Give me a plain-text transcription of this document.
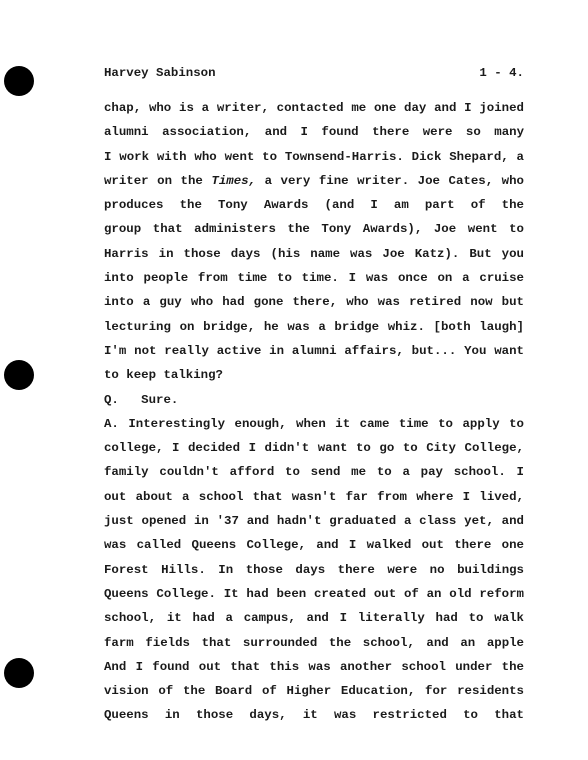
Harvey Sabinson	1 - 4.
chap, who is a writer, contacted me one day and I joined
alumni association, and I found there were so many
I work with who went to Townsend-Harris. Dick Shepard, a
writer on the Times, a very fine writer. Joe Cates, who
produces the Tony Awards (and I am part of the
group that administers the Tony Awards), Joe went to
Harris in those days (his name was Joe Katz). But you
into people from time to time. I was once on a cruise
into a guy who had gone there, who was retired now but
lecturing on bridge, he was a bridge whiz. [both laugh]
I'm not really active in alumni affairs, but... You want
to keep talking?
Q.   Sure.
A. Interestingly enough, when it came time to apply to
college, I decided I didn't want to go to City College,
family couldn't afford to send me to a pay school. I
out about a school that wasn't far from where I lived,
just opened in '37 and hadn't graduated a class yet, and
was called Queens College, and I walked out there one
Forest Hills. In those days there were no buildings
Queens College. It had been created out of an old reform
school, it had a campus, and I literally had to walk
farm fields that surrounded the school, and an apple
And I found out that this was another school under the
vision of the Board of Higher Education, for residents
Queens in those days, it was restricted to that
